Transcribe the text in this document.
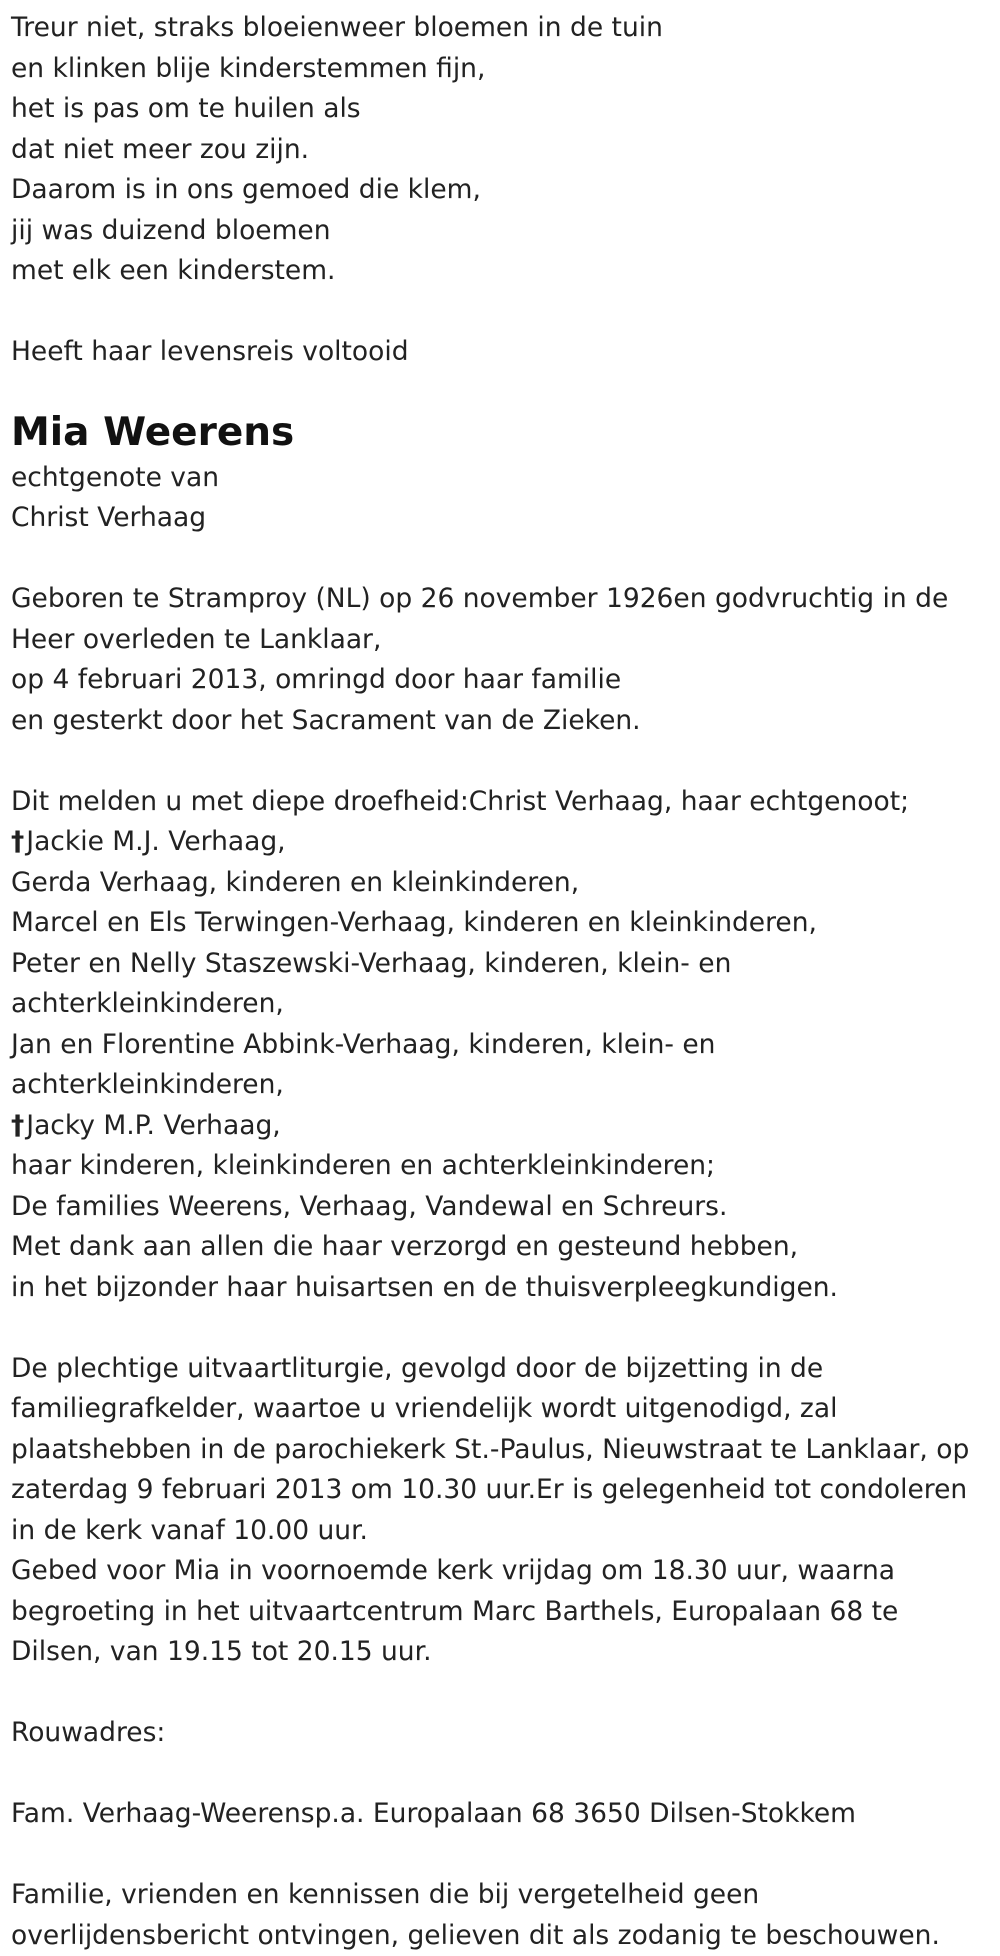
Treur niet, straks bloeienweer bloemen in de tuin
en klinken blije kinderstemmen fijn,
het is pas om te huilen als
dat niet meer zou zijn.
Daarom is in ons gemoed die klem,
jij was duizend bloemen
met elk een kinderstem.
Heeft haar levensreis voltooid
Mia Weerens
echtgenote van
Christ Verhaag
Geboren te Stramproy (NL) op 26 november 1926en godvruchtig in de
Heer overleden te Lanklaar,
op 4 februari 2013, omringd door haar familie
en gesterkt door het Sacrament van de Zieken.
Dit melden u met diepe droefheid:Christ Verhaag, haar echtgenoot;
†Jackie M.J. Verhaag,
Gerda Verhaag, kinderen en kleinkinderen,
Marcel en Els Terwingen-Verhaag, kinderen en kleinkinderen,
Peter en Nelly Staszewski-Verhaag, kinderen, klein- en
achterkleinkinderen,
Jan en Florentine Abbink-Verhaag, kinderen, klein- en
achterkleinkinderen,
†Jacky M.P. Verhaag,
haar kinderen, kleinkinderen en achterkleinkinderen;
De families Weerens, Verhaag, Vandewal en Schreurs.
Met dank aan allen die haar verzorgd en gesteund hebben,
in het bijzonder haar huisartsen en de thuisverpleegkundigen.
De plechtige uitvaartliturgie, gevolgd door de bijzetting in de
familiegrafkelder, waartoe u vriendelijk wordt uitgenodigd, zal
plaatshebben in de parochiekerk St.-Paulus, Nieuwstraat te Lanklaar, op
zaterdag 9 februari 2013 om 10.30 uur.Er is gelegenheid tot condoleren
in de kerk vanaf 10.00 uur.
Gebed voor Mia in voornoemde kerk vrijdag om 18.30 uur, waarna
begroeting in het uitvaartcentrum Marc Barthels, Europalaan 68 te
Dilsen, van 19.15 tot 20.15 uur.
Rouwadres:
Fam. Verhaag-Weerensp.a. Europalaan 68 3650 Dilsen-Stokkem
Familie, vrienden en kennissen die bij vergetelheid geen
overlijdensbericht ontvingen, gelieven dit als zodanig te beschouwen.
